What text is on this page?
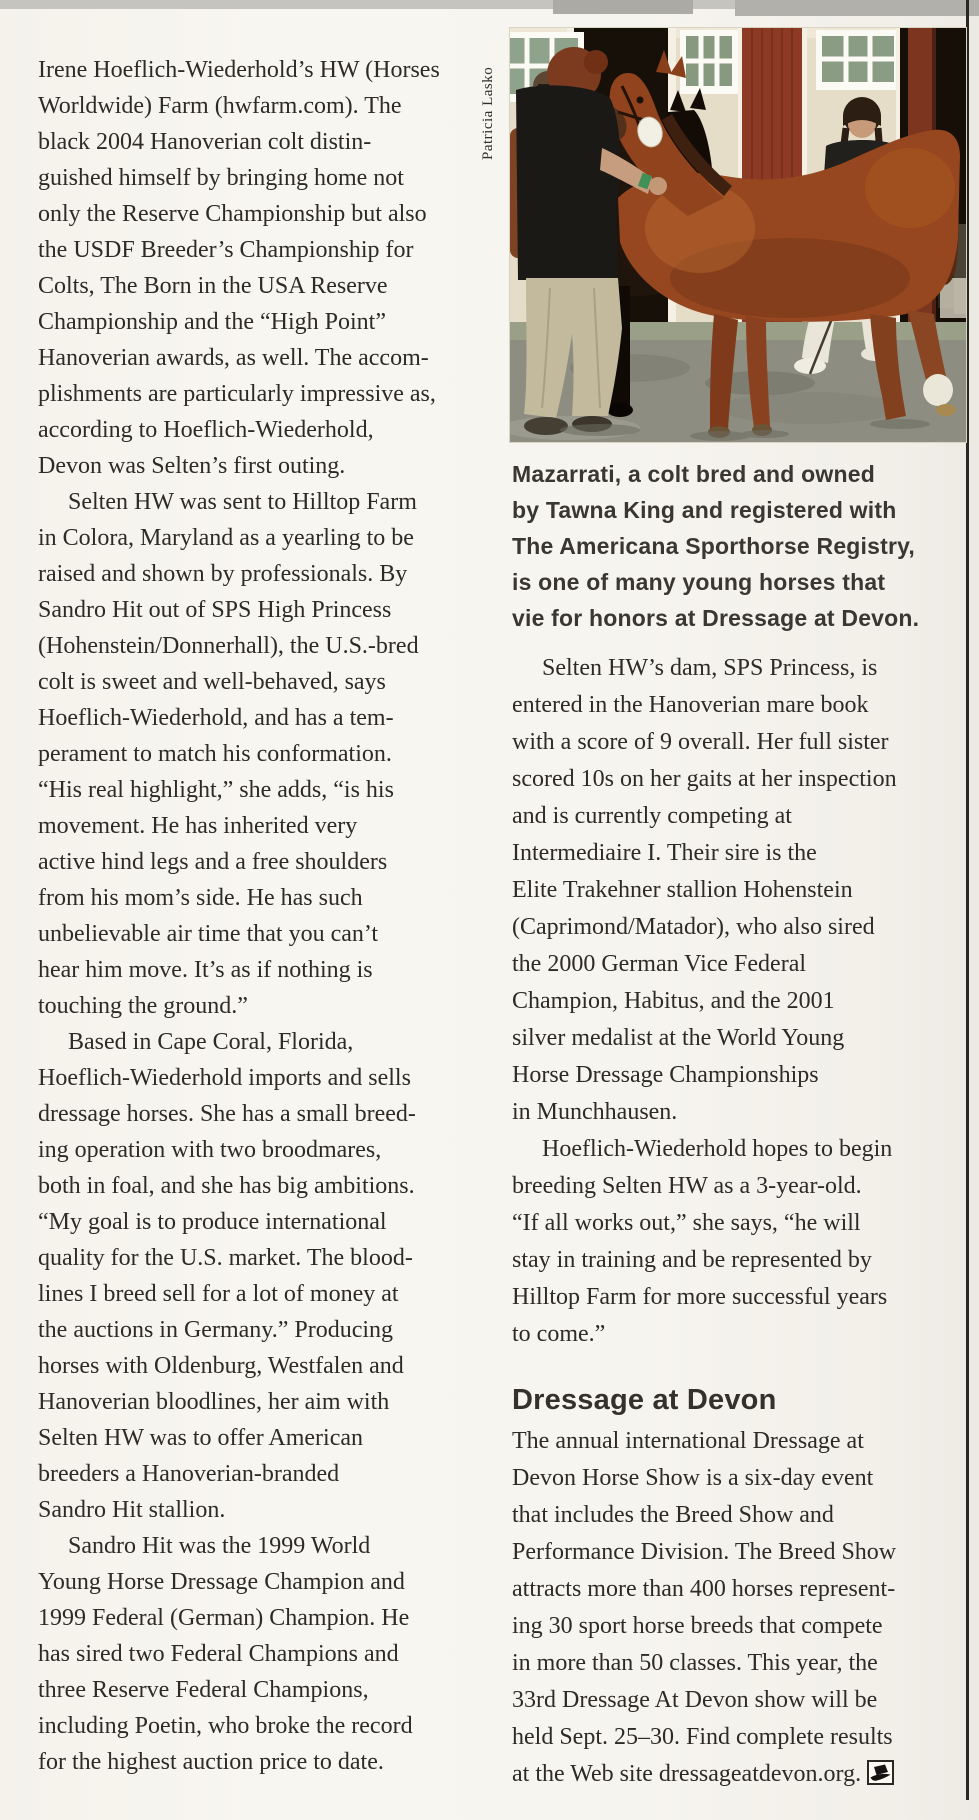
Patricia Lasko
Mazarrati, a colt bred and owned
by Tawna King and registered with
The Americana Sporthorse Registry,
is one of many young horses that
vie for honors at Dressage at Devon.
Irene Hoeflich-Wiederhold’s HW (Horses
Worldwide) Farm (hwfarm.com). The
black 2004 Hanoverian colt distin-
guished himself by bringing home not
only the Reserve Championship but also
the USDF Breeder’s Championship for
Colts, The Born in the USA Reserve
Championship and the “High Point”
Hanoverian awards, as well. The accom-
plishments are particularly impressive as,
according to Hoeflich-Wiederhold,
Devon was Selten’s first outing.
Selten HW was sent to Hilltop Farm
in Colora, Maryland as a yearling to be
raised and shown by professionals. By
Sandro Hit out of SPS High Princess
(Hohenstein/Donnerhall), the U.S.-bred
colt is sweet and well-behaved, says
Hoeflich-Wiederhold, and has a tem-
perament to match his conformation.
“His real highlight,” she adds, “is his
movement. He has inherited very
active hind legs and a free shoulders
from his mom’s side. He has such
unbelievable air time that you can’t
hear him move. It’s as if nothing is
touching the ground.”
Based in Cape Coral, Florida,
Hoeflich-Wiederhold imports and sells
dressage horses. She has a small breed-
ing operation with two broodmares,
both in foal, and she has big ambitions.
“My goal is to produce international
quality for the U.S. market. The blood-
lines I breed sell for a lot of money at
the auctions in Germany.” Producing
horses with Oldenburg, Westfalen and
Hanoverian bloodlines, her aim with
Selten HW was to offer American
breeders a Hanoverian-branded
Sandro Hit stallion.
Sandro Hit was the 1999 World
Young Horse Dressage Champion and
1999 Federal (German) Champion. He
has sired two Federal Champions and
three Reserve Federal Champions,
including Poetin, who broke the record
for the highest auction price to date.
Selten HW’s dam, SPS Princess, is
entered in the Hanoverian mare book
with a score of 9 overall. Her full sister
scored 10s on her gaits at her inspection
and is currently competing at
Intermediaire I. Their sire is the
Elite Trakehner stallion Hohenstein
(Caprimond/Matador), who also sired
the 2000 German Vice Federal
Champion, Habitus, and the 2001
silver medalist at the World Young
Horse Dressage Championships
in Munchhausen.
Hoeflich-Wiederhold hopes to begin
breeding Selten HW as a 3-year-old.
“If all works out,” she says, “he will
stay in training and be represented by
Hilltop Farm for more successful years
to come.”
Dressage at Devon
The annual international Dressage at
Devon Horse Show is a six-day event
that includes the Breed Show and
Performance Division. The Breed Show
attracts more than 400 horses represent-
ing 30 sport horse breeds that compete
in more than 50 classes. This year, the
33rd Dressage At Devon show will be
held Sept. 25–30. Find complete results
at the Web site dressageatdevon.org.
